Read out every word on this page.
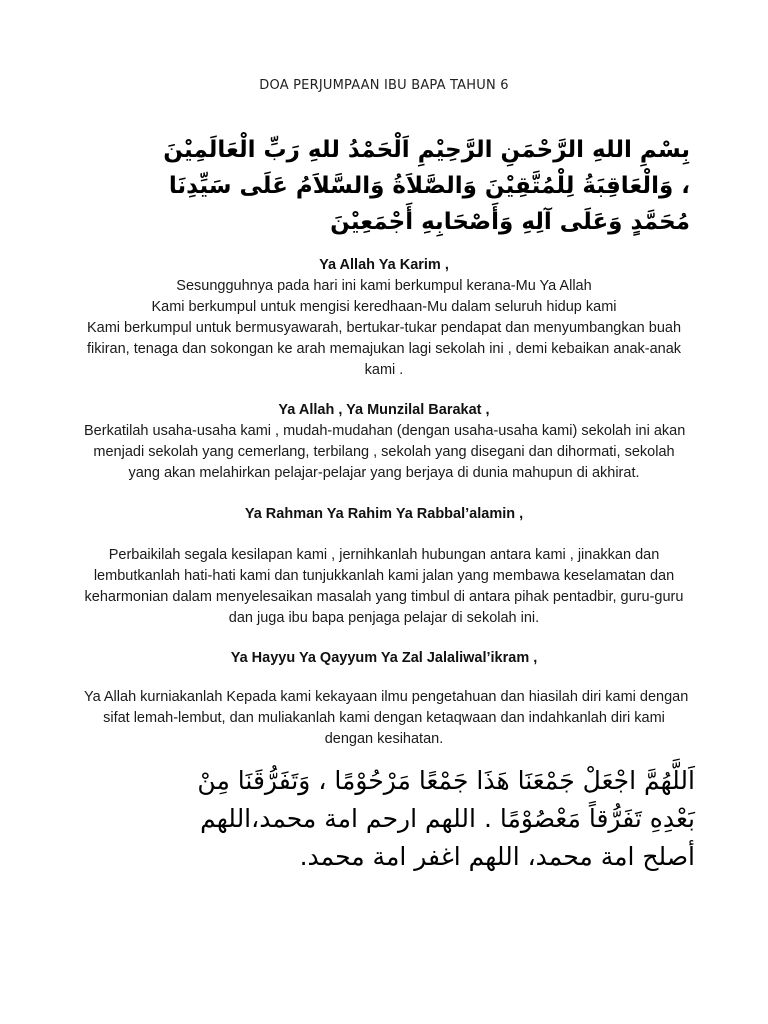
DOA PERJUMPAAN IBU BAPA TAHUN 6
بِسْمِ اللهِ الرَّحْمَنِ الرَّحِيْمِ اَلْحَمْدُ للهِ رَبِّ الْعَالَمِيْنَ
، وَالْعَاقِبَةُ لِلْمُتَّقِيْنَ وَالصَّلاَةُ وَالسَّلاَمُ عَلَى سَيِّدِنَا
مُحَمَّدٍ وَعَلَى آلِهِ وَأَصْحَابِهِ أَجْمَعِيْنَ
Ya Allah Ya Karim ,
Sesungguhnya pada hari ini kami berkumpul kerana-Mu Ya Allah
Kami berkumpul untuk mengisi keredhaan-Mu dalam seluruh hidup kami
Kami berkumpul untuk bermusyawarah, bertukar-tukar pendapat dan menyumbangkan buah
fikiran, tenaga dan sokongan ke arah memajukan lagi sekolah ini , demi kebaikan anak-anak
kami .
Ya Allah , Ya Munzilal Barakat ,
Berkatilah usaha-usaha kami , mudah-mudahan (dengan usaha-usaha kami) sekolah ini akan
menjadi sekolah yang cemerlang, terbilang , sekolah yang disegani dan dihormati, sekolah
yang akan melahirkan pelajar-pelajar yang berjaya di dunia mahupun di akhirat.
Ya Rahman Ya Rahim Ya Rabbal’alamin ,
Perbaikilah segala kesilapan kami , jernihkanlah hubungan antara kami , jinakkan dan
lembutkanlah hati-hati kami dan tunjukkanlah kami jalan yang membawa keselamatan dan
keharmonian dalam menyelesaikan masalah yang timbul di antara pihak pentadbir, guru-guru
dan juga ibu bapa penjaga pelajar di sekolah ini.
Ya Hayyu Ya Qayyum Ya Zal Jalaliwal’ikram ,
Ya Allah kurniakanlah Kepada kami kekayaan ilmu pengetahuan dan hiasilah diri kami dengan
sifat lemah-lembut, dan muliakanlah kami dengan ketaqwaan dan indahkanlah diri kami
dengan kesihatan.
اَللَّهُمَّ اجْعَلْ جَمْعَنَا هَذَا جَمْعًا مَرْحُوْمًا ، وَتَفَرُّقَنَا مِنْ
بَعْدِهِ تَفَرُّقاً مَعْصُوْمًا . اللهم ارحم امة محمد،اللهم
أصلح امة محمد، اللهم اغفر امة محمد.
